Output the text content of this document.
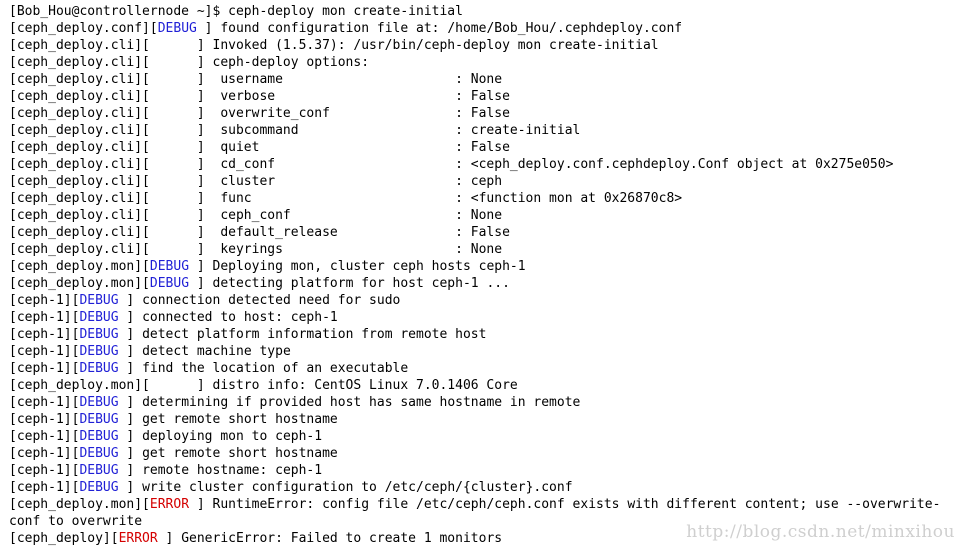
[Bob_Hou@controllernode ~]$ ceph-deploy mon create-initial
[ceph_deploy.conf][DEBUG ] found configuration file at: /home/Bob_Hou/.cephdeploy.conf
[ceph_deploy.cli][      ] Invoked (1.5.37): /usr/bin/ceph-deploy mon create-initial
[ceph_deploy.cli][      ] ceph-deploy options:
[ceph_deploy.cli][      ]  username                      : None
[ceph_deploy.cli][      ]  verbose                       : False
[ceph_deploy.cli][      ]  overwrite_conf                : False
[ceph_deploy.cli][      ]  subcommand                    : create-initial
[ceph_deploy.cli][      ]  quiet                         : False
[ceph_deploy.cli][      ]  cd_conf                       : <ceph_deploy.conf.cephdeploy.Conf object at 0x275e050>
[ceph_deploy.cli][      ]  cluster                       : ceph
[ceph_deploy.cli][      ]  func                          : <function mon at 0x26870c8>
[ceph_deploy.cli][      ]  ceph_conf                     : None
[ceph_deploy.cli][      ]  default_release               : False
[ceph_deploy.cli][      ]  keyrings                      : None
[ceph_deploy.mon][DEBUG ] Deploying mon, cluster ceph hosts ceph-1
[ceph_deploy.mon][DEBUG ] detecting platform for host ceph-1 ...
[ceph-1][DEBUG ] connection detected need for sudo
[ceph-1][DEBUG ] connected to host: ceph-1
[ceph-1][DEBUG ] detect platform information from remote host
[ceph-1][DEBUG ] detect machine type
[ceph-1][DEBUG ] find the location of an executable
[ceph_deploy.mon][      ] distro info: CentOS Linux 7.0.1406 Core
[ceph-1][DEBUG ] determining if provided host has same hostname in remote
[ceph-1][DEBUG ] get remote short hostname
[ceph-1][DEBUG ] deploying mon to ceph-1
[ceph-1][DEBUG ] get remote short hostname
[ceph-1][DEBUG ] remote hostname: ceph-1
[ceph-1][DEBUG ] write cluster configuration to /etc/ceph/{cluster}.conf
[ceph_deploy.mon][ERROR ] RuntimeError: config file /etc/ceph/ceph.conf exists with different content; use --overwrite-
conf to overwrite
[ceph_deploy][ERROR ] GenericError: Failed to create 1 monitors	http://blog.csdn.net/minxihou
